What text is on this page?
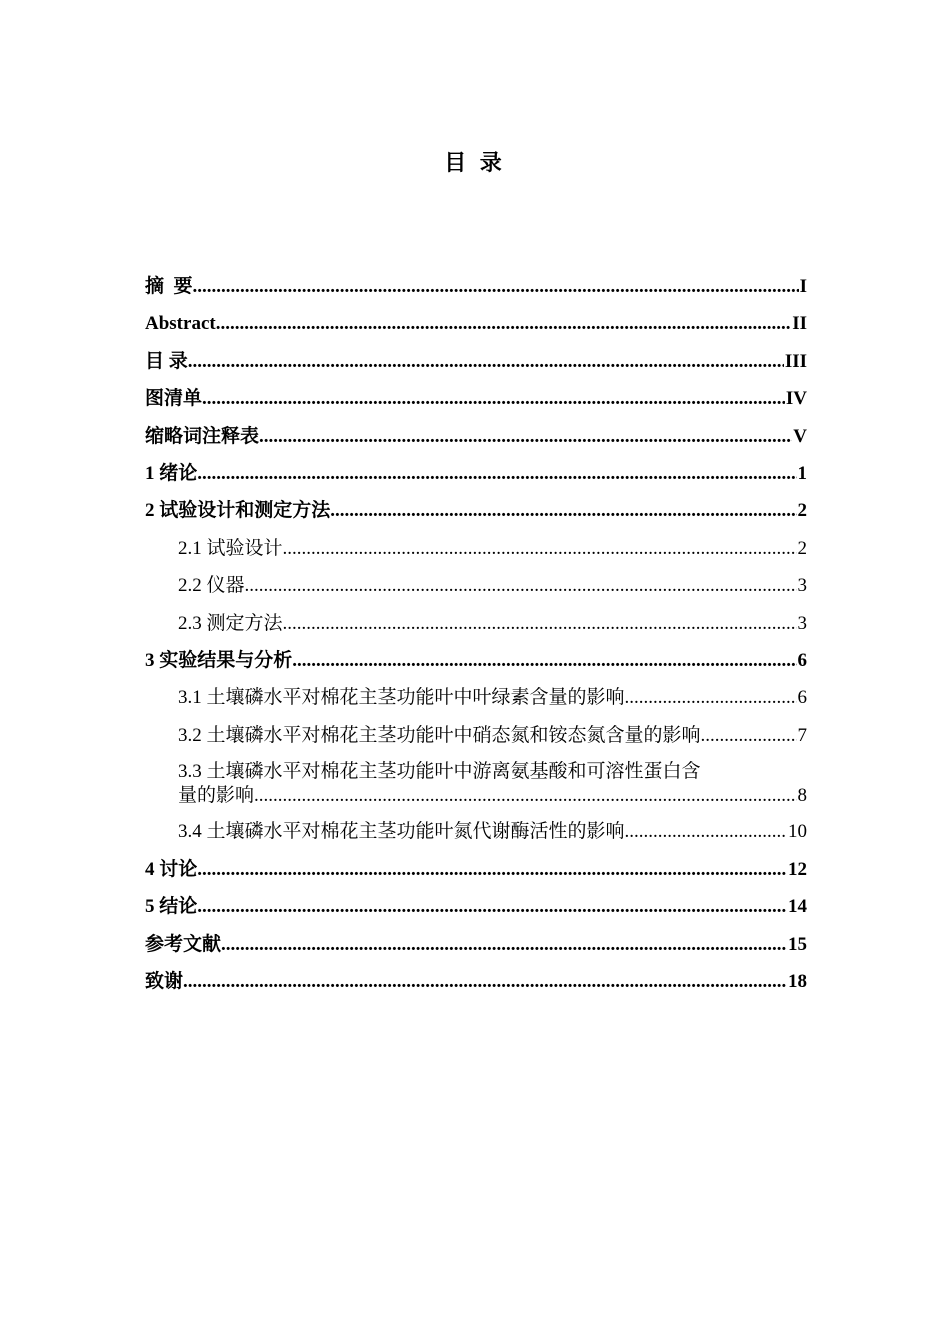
目 录
摘  要 .....	I
Abstract .....	II
目 录 .....	III
图清单 .....	IV
缩略词注释表 .....	V
1 绪论 .....	1
2 试验设计和测定方法 .....	2
2.1 试验设计 .....	2
2.2 仪器 .....	3
2.3 测定方法 .....	3
3 实验结果与分析 .....	6
3.1 土壤磷水平对棉花主茎功能叶中叶绿素含量的影响 .....	6
3.2 土壤磷水平对棉花主茎功能叶中硝态氮和铵态氮含量的影响 .....	7
3.3 土壤磷水平对棉花主茎功能叶中游离氨基酸和可溶性蛋白含
量的影响 .....	8
3.4 土壤磷水平对棉花主茎功能叶氮代谢酶活性的影响 .....	10
4 讨论 .....	12
5 结论 .....	14
参考文献 .....	15
致谢 .....	18
